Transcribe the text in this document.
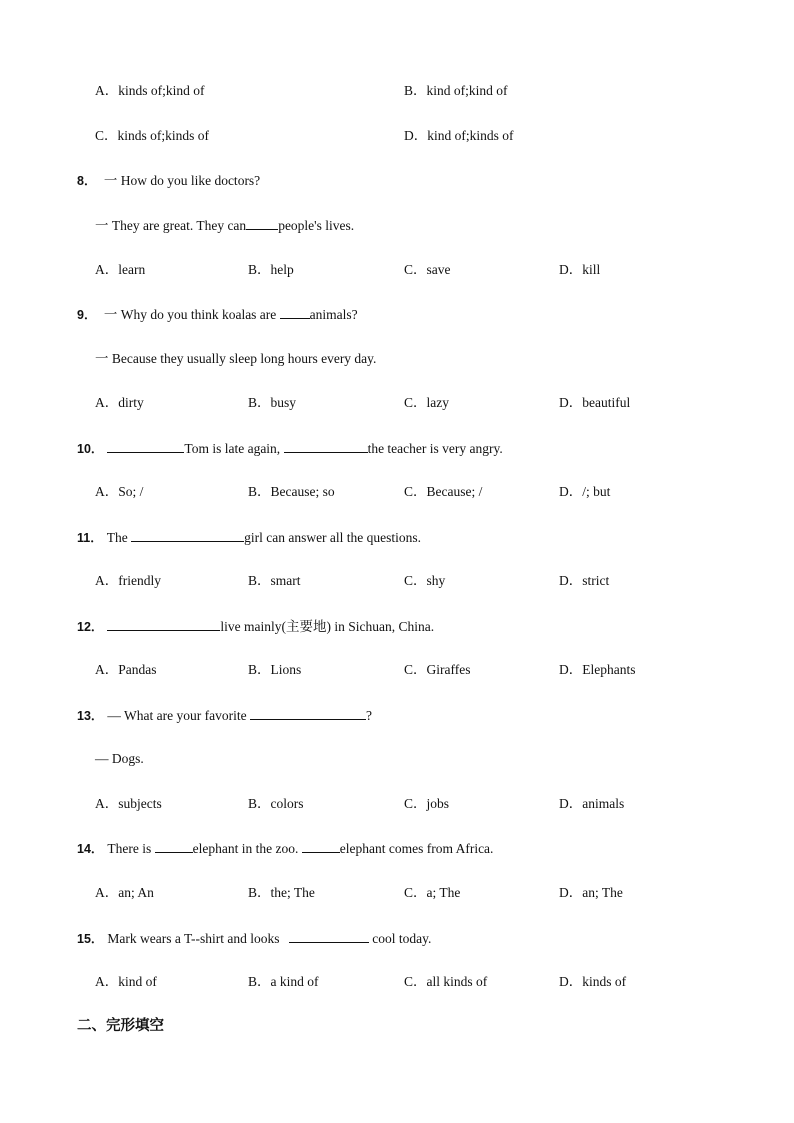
A．kinds of;kind of	B．kind of;kind of
C．kinds of;kinds of	D．kind of;kinds of
8． 一 How do you like doctors?
一 They are great. They can people's lives.
A．learn	B．help	C．save	D．kill
9． 一 Why do you think koalas are animals?
一 Because they usually sleep long hours every day.
A．dirty	B．busy	C．lazy	D．beautiful
10．	Tom is late again,	the teacher is very angry.
A．So; /	B．Because; so	C．Because; /	D．/; but
11． The	girl can answer all the questions.
A．friendly	B．smart	C．shy	D．strict
12．	live mainly(主要地) in Sichuan, China.
A．Pandas	B．Lions	C．Giraffes	D．Elephants
13． — What are your favorite	?
— Dogs.
A．subjects	B．colors	C．jobs	D．animals
14． There is	elephant in the zoo.	elephant comes from Africa.
A．an; An	B．the; The	C．a; The	D．an; The
15． Mark wears a T--shirt and looks	cool today.
A．kind of	B．a kind of	C．all kinds of	D．kinds of
二、完形填空
